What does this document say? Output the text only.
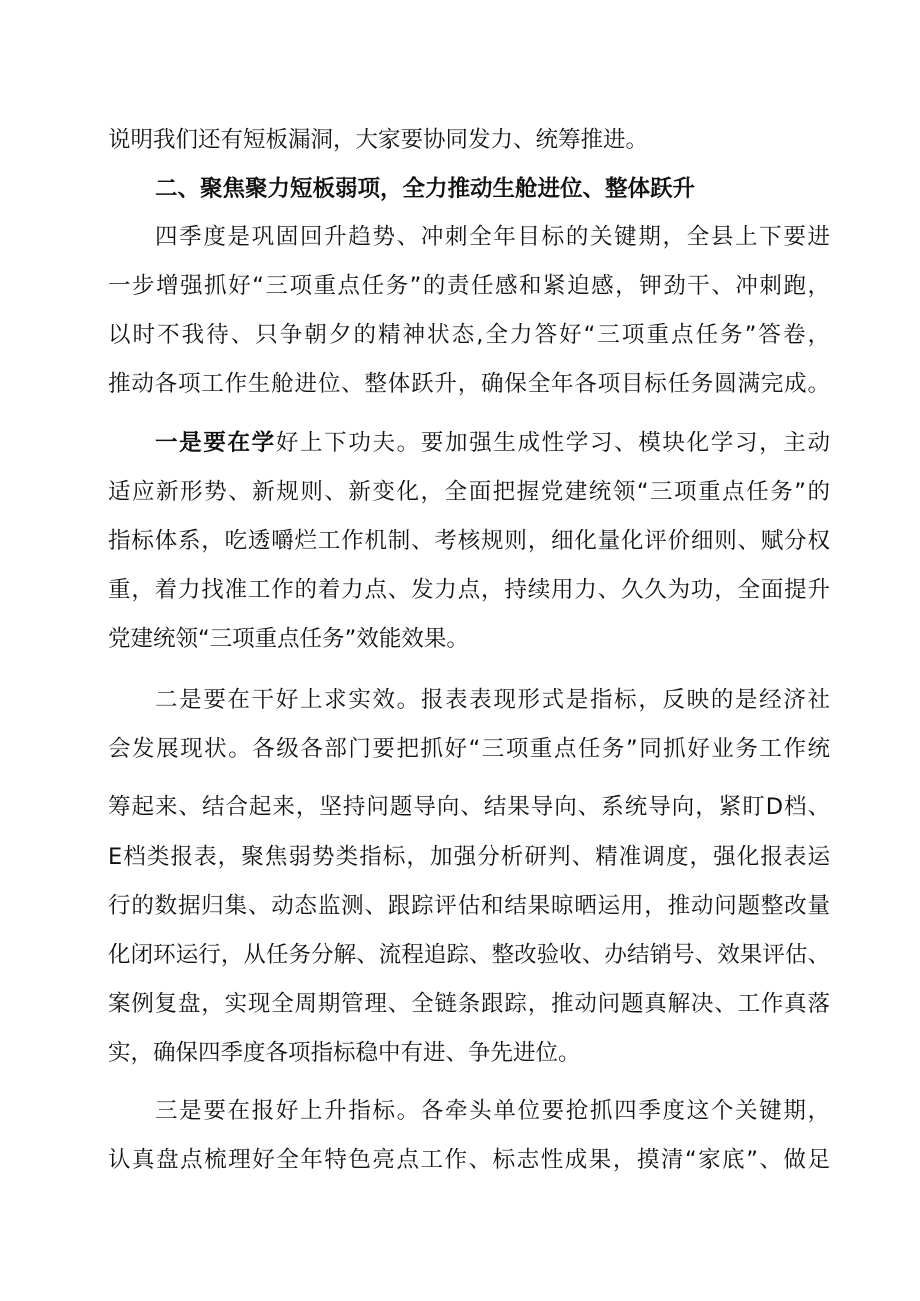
说明我们还有短板漏洞，大家要协同发力、统筹推进。
二、聚焦聚力短板弱项，全力推动生舱进位、整体跃升
四季度是巩固回升趋势、冲刺全年目标的关键期，全县上下要进
一步增强抓好“三项重点任务”的责任感和紧迫感，钾劲干、冲刺跑，
以时不我待、只争朝夕的精神状态,全力答好“三项重点任务”答卷，
推动各项工作生舱进位、整体跃升，确保全年各项目标任务圆满完成。
一是要在学好上下功夫。要加强生成性学习、模块化学习，主动
适应新形势、新规则、新变化，全面把握党建统领“三项重点任务”的
指标体系，吃透嚼烂工作机制、考核规则，细化量化评价细则、赋分权
重，着力找准工作的着力点、发力点，持续用力、久久为功，全面提升
党建统领“三项重点任务”效能效果。
二是要在干好上求实效。报表表现形式是指标，反映的是经济社
会发展现状。各级各部门要把抓好“三项重点任务”同抓好业务工作统
筹起来、结合起来，坚持问题导向、结果导向、系统导向，紧盯D档、
E档类报表，聚焦弱势类指标，加强分析研判、精准调度，强化报表运
行的数据归集、动态监测、跟踪评估和结果晾晒运用，推动问题整改量
化闭环运行，从任务分解、流程追踪、整改验收、办结销号、效果评估、
案例复盘，实现全周期管理、全链条跟踪，推动问题真解决、工作真落
实，确保四季度各项指标稳中有进、争先进位。
三是要在报好上升指标。各牵头单位要抢抓四季度这个关键期，
认真盘点梳理好全年特色亮点工作、标志性成果，摸清“家底”、做足
